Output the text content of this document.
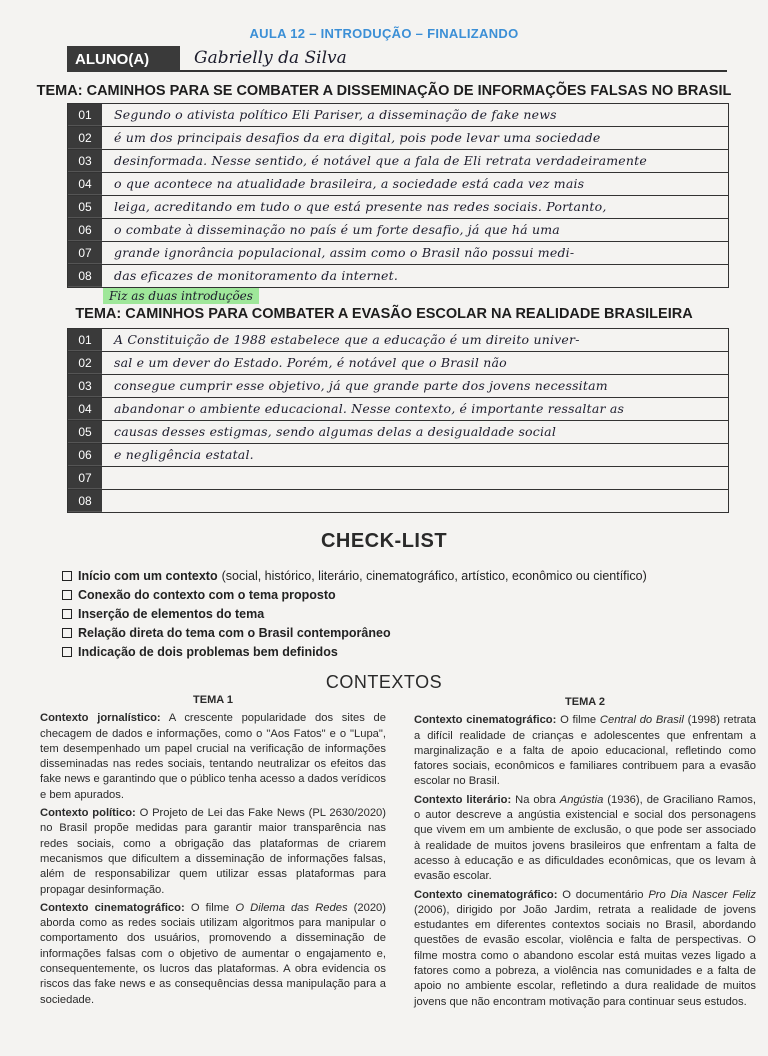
AULA 12 – INTRODUÇÃO – FINALIZANDO
ALUNO(A)	Gabrielly da Silva
TEMA: CAMINHOS PARA SE COMBATER A DISSEMINAÇÃO DE INFORMAÇÕES FALSAS NO BRASIL
01	Segundo o ativista político Eli Pariser, a disseminação de fake news
02	é um dos principais desafios da era digital, pois pode levar uma sociedade
03	desinformada. Nesse sentido, é notável que a fala de Eli retrata verdadeiramente
04	o que acontece na atualidade brasileira, a sociedade está cada vez mais
05	leiga, acreditando em tudo o que está presente nas redes sociais. Portanto,
06	o combate à disseminação no país é um forte desafio, já que há uma
07	grande ignorância populacional, assim como o Brasil não possui medi-
08	das eficazes de monitoramento da internet.
Fiz as duas introduções
TEMA: CAMINHOS PARA COMBATER A EVASÃO ESCOLAR NA REALIDADE BRASILEIRA
01	A Constituição de 1988 estabelece que a educação é um direito univer-
02	sal e um dever do Estado. Porém, é notável que o Brasil não
03	consegue cumprir esse objetivo, já que grande parte dos jovens necessitam
04	abandonar o ambiente educacional. Nesse contexto, é importante ressaltar as
05	causas desses estigmas, sendo algumas delas a desigualdade social
06	e negligência estatal.
07
08
CHECK-LIST
Início com um contexto (social, histórico, literário, cinematográfico, artístico, econômico ou científico)
Conexão do contexto com o tema proposto
Inserção de elementos do tema
Relação direta do tema com o Brasil contemporâneo
Indicação de dois problemas bem definidos
CONTEXTOS
TEMA 1
Contexto jornalístico: A crescente popularidade dos sites de checagem de dados e informações, como o "Aos Fatos" e o "Lupa", tem desempenhado um papel crucial na verificação de informações disseminadas nas redes sociais, tentando neutralizar os efeitos das fake news e garantindo que o público tenha acesso a dados verídicos e bem apurados.
Contexto político: O Projeto de Lei das Fake News (PL 2630/2020) no Brasil propõe medidas para garantir maior transparência nas redes sociais, como a obrigação das plataformas de criarem mecanismos que dificultem a disseminação de informações falsas, além de responsabilizar quem utilizar essas plataformas para propagar desinformação.
Contexto cinematográfico: O filme O Dilema das Redes (2020) aborda como as redes sociais utilizam algoritmos para manipular o comportamento dos usuários, promovendo a disseminação de informações falsas com o objetivo de aumentar o engajamento e, consequentemente, os lucros das plataformas. A obra evidencia os riscos das fake news e as consequências dessa manipulação para a sociedade.
TEMA 2
Contexto cinematográfico: O filme Central do Brasil (1998) retrata a difícil realidade de crianças e adolescentes que enfrentam a marginalização e a falta de apoio educacional, refletindo como fatores sociais, econômicos e familiares contribuem para a evasão escolar no Brasil.
Contexto literário: Na obra Angústia (1936), de Graciliano Ramos, o autor descreve a angústia existencial e social dos personagens que vivem em um ambiente de exclusão, o que pode ser associado à realidade de muitos jovens brasileiros que enfrentam a falta de acesso à educação e as dificuldades econômicas, que os levam à evasão escolar.
Contexto cinematográfico: O documentário Pro Dia Nascer Feliz (2006), dirigido por João Jardim, retrata a realidade de jovens estudantes em diferentes contextos sociais no Brasil, abordando questões de evasão escolar, violência e falta de perspectivas. O filme mostra como o abandono escolar está muitas vezes ligado a fatores como a pobreza, a violência nas comunidades e a falta de apoio no ambiente escolar, refletindo a dura realidade de muitos jovens que não encontram motivação para continuar seus estudos.
